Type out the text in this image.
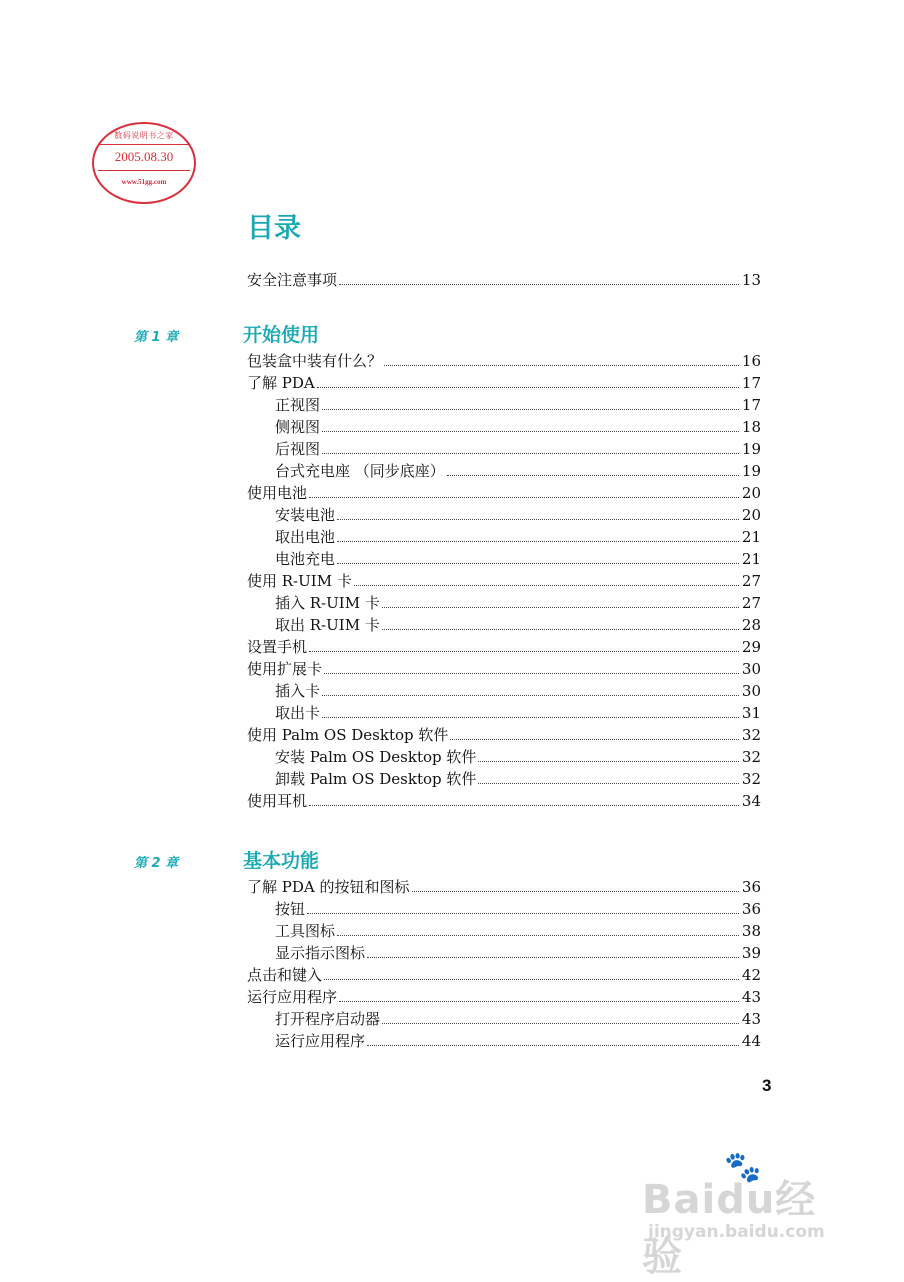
数码说明书之家
2005.08.30
www.51gg.com
目录
安全注意事项	13
第 1 章	开始使用
包装盒中装有什么？	16
了解 PDA	17
正视图	17
侧视图	18
后视图	19
台式充电座 （同步底座）	19
使用电池	20
安装电池	20
取出电池	21
电池充电	21
使用 R-UIM 卡	27
插入 R-UIM 卡	27
取出 R-UIM 卡	28
设置手机	29
使用扩展卡	30
插入卡	30
取出卡	31
使用 Palm OS Desktop 软件	32
安装 Palm OS Desktop 软件	32
卸载 Palm OS Desktop 软件	32
使用耳机	34
第 2 章	基本功能
了解 PDA 的按钮和图标	36
按钮	36
工具图标	38
显示指示图标	39
点击和键入	42
运行应用程序	43
打开程序启动器	43
运行应用程序	44
3
🐾
Baidu经验
jingyan.baidu.com
